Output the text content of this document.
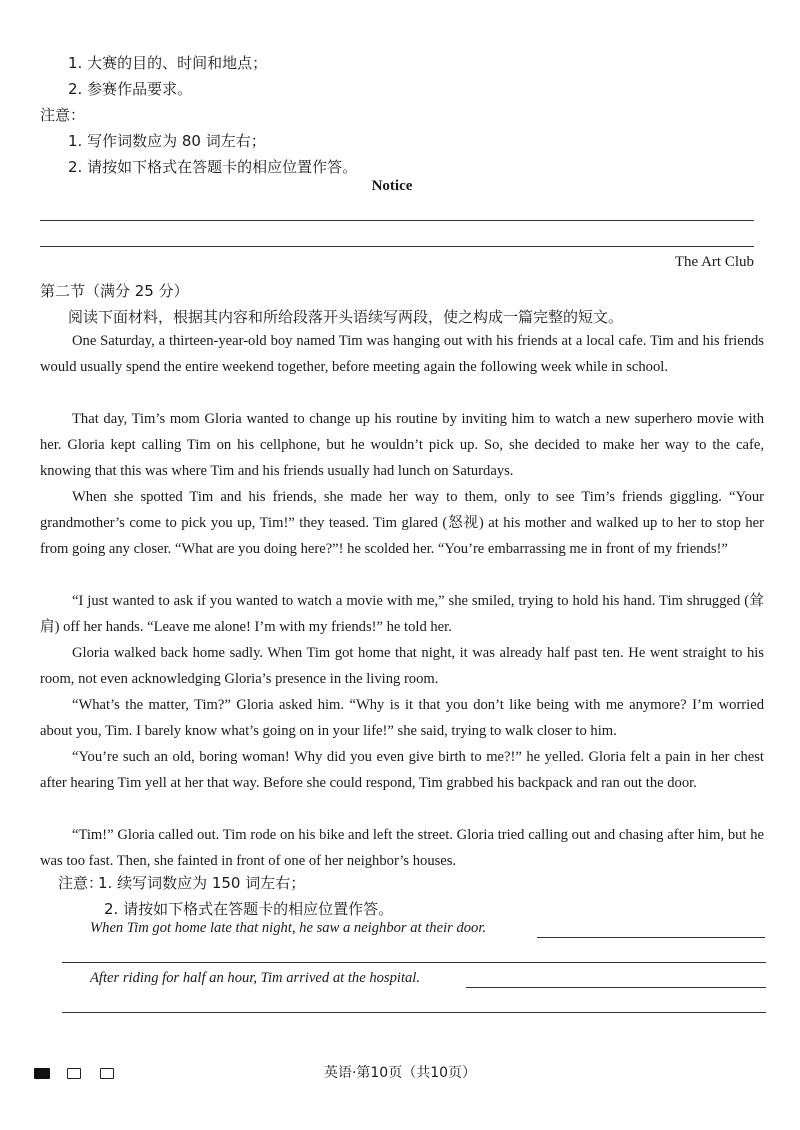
1. 大赛的目的、时间和地点；
2. 参赛作品要求。
注意：
1. 写作词数应为 80 词左右；
2. 请按如下格式在答题卡的相应位置作答。
Notice
The Art Club
第二节（满分 25 分）
阅读下面材料，根据其内容和所给段落开头语续写两段，使之构成一篇完整的短文。
One Saturday, a thirteen-year-old boy named Tim was hanging out with his friends at a local cafe. Tim and his friends would usually spend the entire weekend together, before meeting again the following week while in school.
That day, Tim’s mom Gloria wanted to change up his routine by inviting him to watch a new superhero movie with her. Gloria kept calling Tim on his cellphone, but he wouldn’t pick up. So, she decided to make her way to the cafe, knowing that this was where Tim and his friends usually had lunch on Saturdays.
When she spotted Tim and his friends, she made her way to them, only to see Tim’s friends giggling. “Your grandmother’s come to pick you up, Tim!” they teased. Tim glared (怒视) at his mother and walked up to her to stop her from going any closer. “What are you doing here?”! he scolded her. “You’re embarrassing me in front of my friends!”
“I just wanted to ask if you wanted to watch a movie with me,” she smiled, trying to hold his hand. Tim shrugged (耸肩) off her hands. “Leave me alone! I’m with my friends!” he told her.
Gloria walked back home sadly. When Tim got home that night, it was already half past ten. He went straight to his room, not even acknowledging Gloria’s presence in the living room.
“What’s the matter, Tim?” Gloria asked him. “Why is it that you don’t like being with me anymore? I’m worried about you, Tim. I barely know what’s going on in your life!” she said, trying to walk closer to him.
“You’re such an old, boring woman! Why did you even give birth to me?!” he yelled. Gloria felt a pain in her chest after hearing Tim yell at her that way. Before she could respond, Tim grabbed his backpack and ran out the door.
“Tim!” Gloria called out. Tim rode on his bike and left the street. Gloria tried calling out and chasing after him, but he was too fast. Then, she fainted in front of one of her neighbor’s houses.
注意：
1. 续写词数应为 150 词左右；
2. 请按如下格式在答题卡的相应位置作答。
When Tim got home late that night, he saw a neighbor at their door.
After riding for half an hour, Tim arrived at the hospital.
英语·第10页（共10页）
